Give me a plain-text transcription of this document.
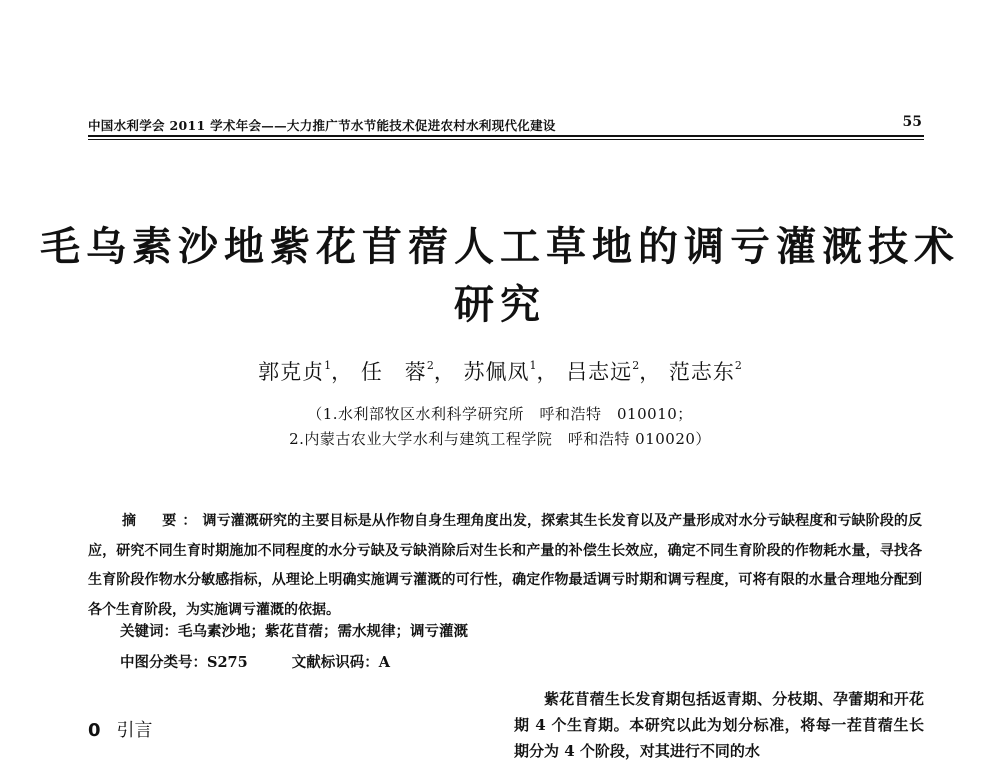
中国水利学会 2011 学术年会——大力推广节水节能技术促进农村水利现代化建设	55
毛乌素沙地紫花苜蓿人工草地的调亏灌溉技术
研究
郭克贞$^1$， 任　蓉$^2$， 苏佩凤$^1$， 吕志远$^2$， 范志东$^2$
（1.水利部牧区水利科学研究所　呼和浩特　010010；
2.内蒙古农业大学水利与建筑工程学院　呼和浩特 010020）
摘　要：调亏灌溉研究的主要目标是从作物自身生理角度出发，探索其生长发育以及产量形成对水分亏缺程度和亏缺阶段的反应，研究不同生育时期施加不同程度的水分亏缺及亏缺消除后对生长和产量的补偿生长效应，确定不同生育阶段的作物耗水量，寻找各生育阶段作物水分敏感指标，从理论上明确实施调亏灌溉的可行性，确定作物最适调亏时期和调亏程度，可将有限的水量合理地分配到各个生育阶段，为实施调亏灌溉的依据。
关键词：毛乌素沙地；紫花苜蓿；需水规律；调亏灌溉
中图分类号：S275	文献标识码：A
0 引言
紫花苜蓿生长发育期包括返青期、分枝期、孕蕾期和开花期 4 个生育期。本研究以此为划分标准，将每一茬苜蓿生长期分为 4 个阶段，对其进行不同的水
